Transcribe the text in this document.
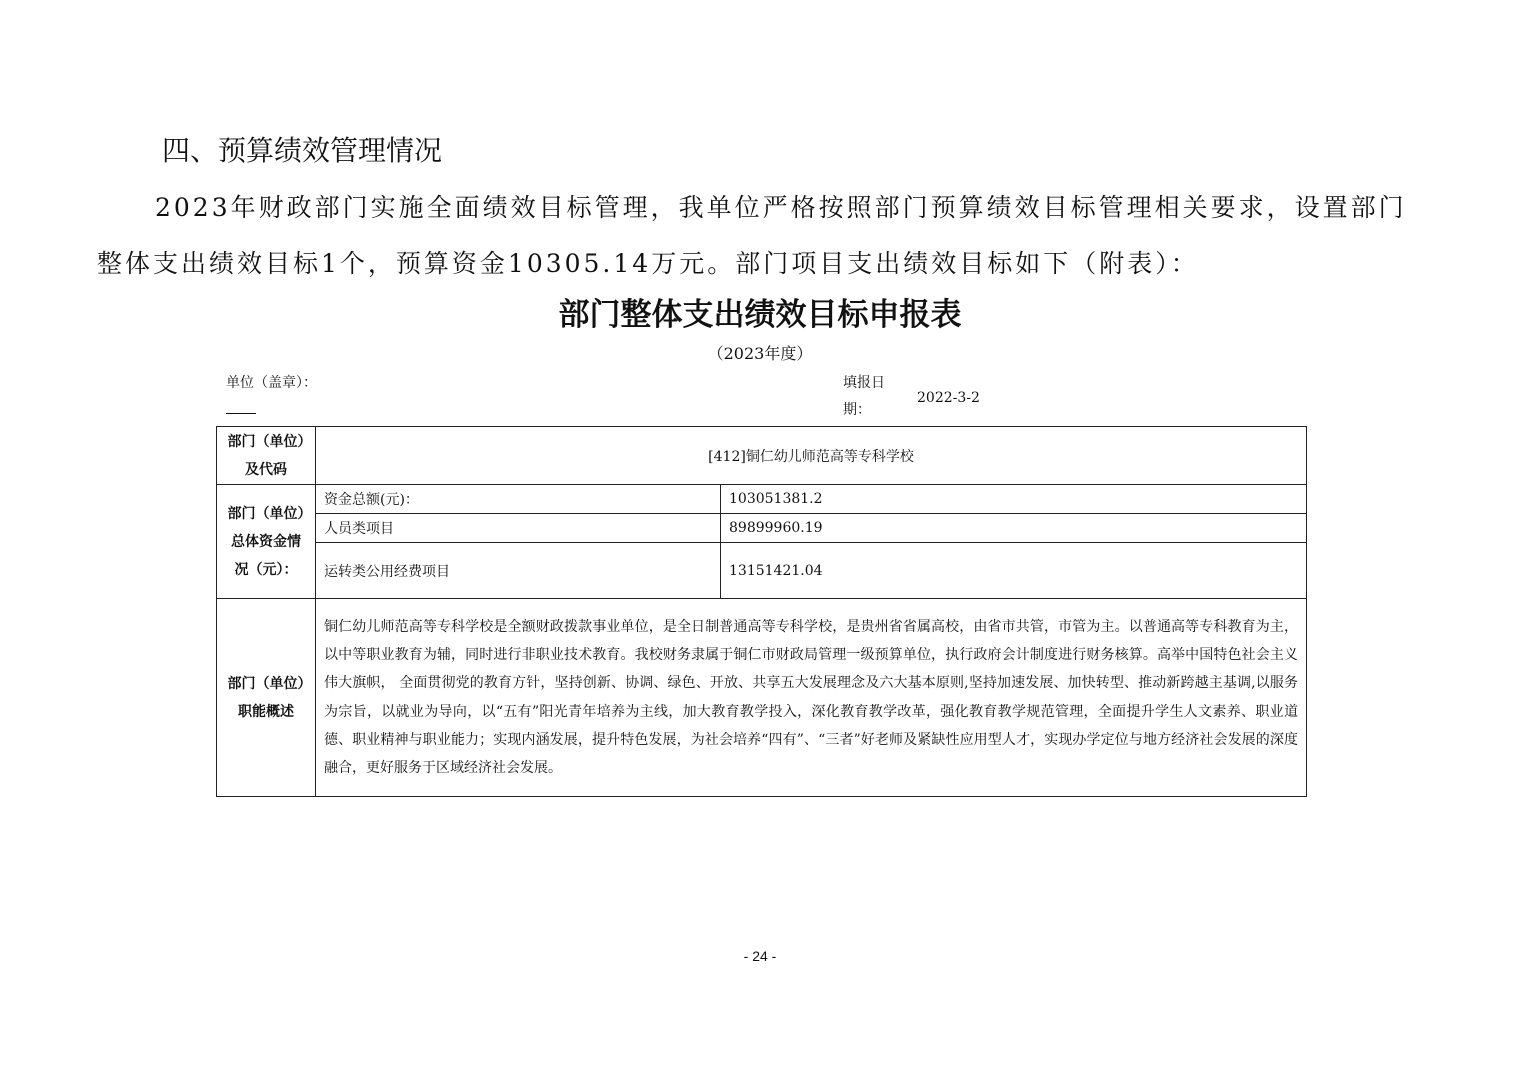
四、预算绩效管理情况

2023年财政部门实施全面绩效目标管理，我单位严格按照部门预算绩效目标管理相关要求，设置部门整体支出绩效目标1个，预算资金10305.14万元。部门项目支出绩效目标如下（附表）：

部门整体支出绩效目标申报表
（2023年度）
单位（盖章）：	填报日期：
2022-3-2
部门（单位）及代码	[412]铜仁幼儿师范高等专科学校	
部门（单位）总体资金情况（元）：	资金总额(元)：	103051381.2
	人员类项目	89899960.19
	运转类公用经费项目	13151421.04
部门（单位）职能概述	铜仁幼儿师范高等专科学校是全额财政拨款事业单位，是全日制普通高等专科学校，是贵州省省属高校，由省市共管，市管为主。以普通高等专科教育为主，以中等职业教育为辅，同时进行非职业技术教育。我校财务隶属于铜仁市财政局管理一级预算单位，执行政府会计制度进行财务核算。高举中国特色社会主义伟大旗帜， 全面贯彻党的教育方针，坚持创新、协调、绿色、开放、共享五大发展理念及六大基本原则,坚持加速发展、加快转型、推动新跨越主基调,以服务为宗旨，以就业为导向，以“五有”阳光青年培养为主线，加大教育教学投入，深化教育教学改革，强化教育教学规范管理，全面提升学生人文素养、职业道德、职业精神与职业能力；实现内涵发展，提升特色发展，为社会培养“四有”、“三者”好老师及紧缺性应用型人才，实现办学定位与地方经济社会发展的深度融合，更好服务于区域经济社会发展。	
- 24 -
